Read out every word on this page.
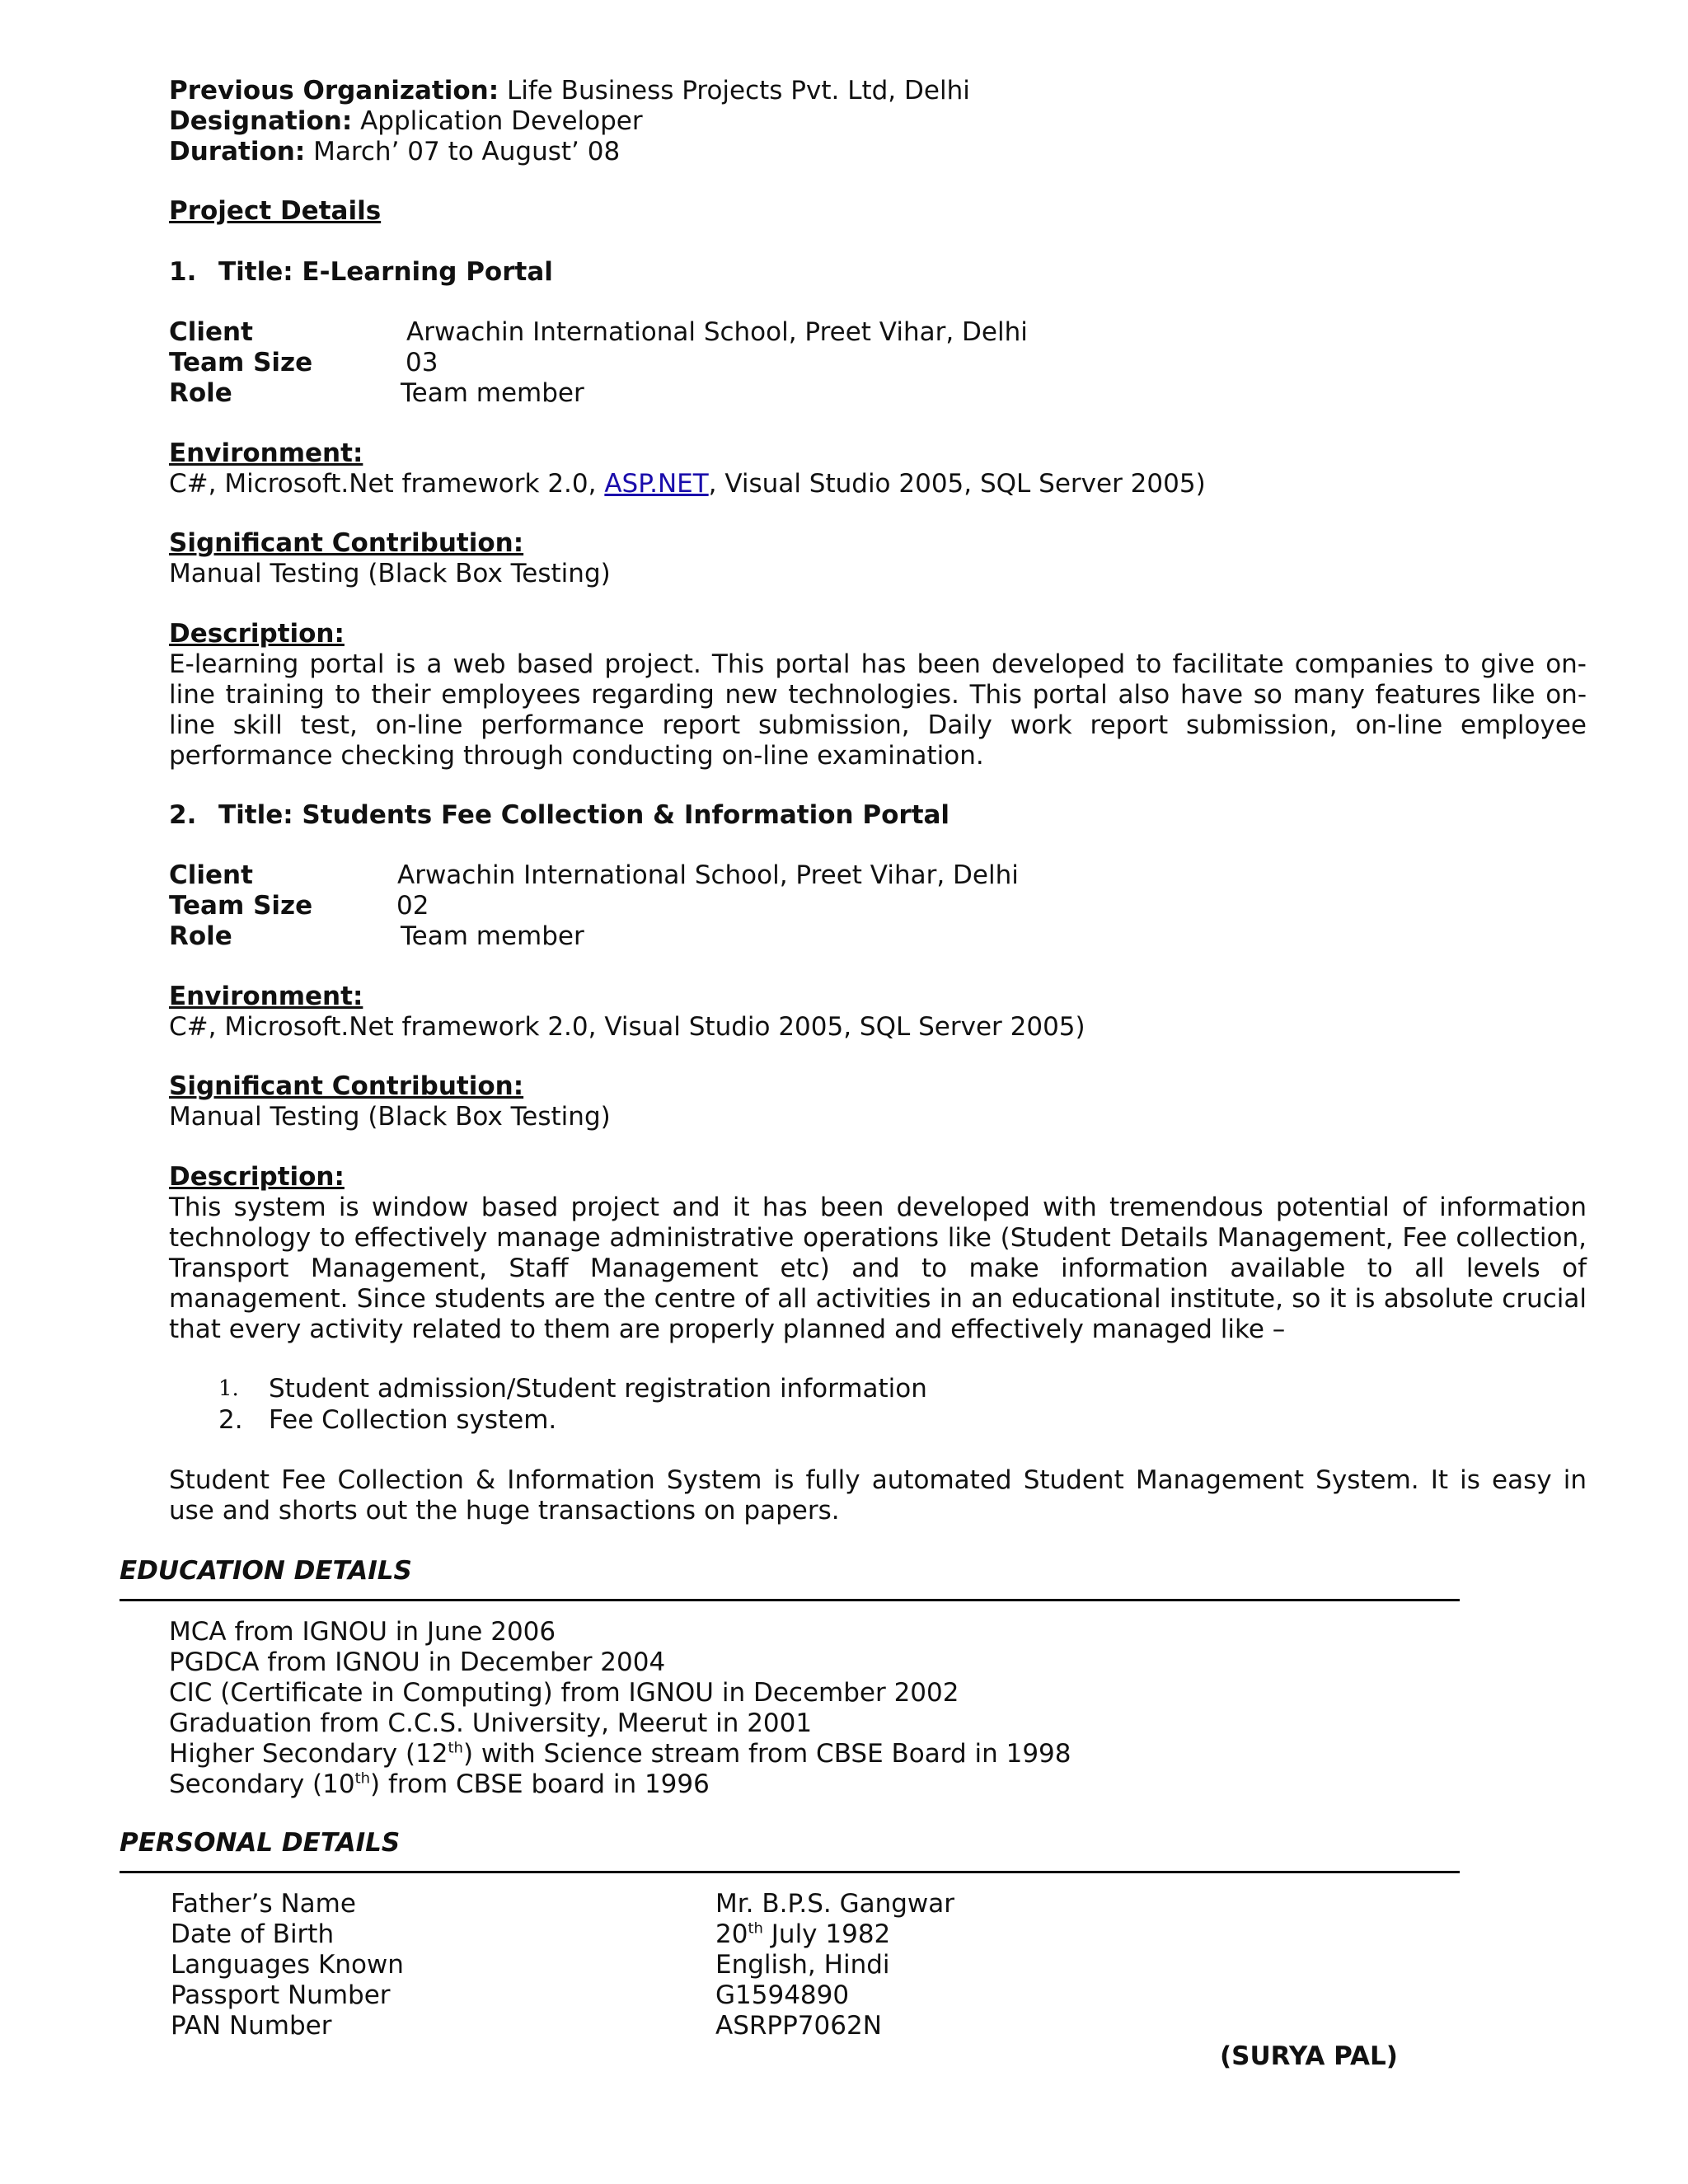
Previous Organization: Life Business Projects Pvt. Ltd, Delhi
Designation: Application Developer
Duration: March’ 07 to August’ 08
Project Details
1. Title: E-Learning Portal
Client	Arwachin International School, Preet Vihar, Delhi
Team Size	03
Role	Team member
Environment:
C#, Microsoft.Net framework 2.0, ASP.NET, Visual Studio 2005, SQL Server 2005)
Significant Contribution:
Manual Testing (Black Box Testing)
Description:
E-learning portal is a web based project. This portal has been developed to facilitate companies to give on-line training to their employees regarding new technologies. This portal also have so many features like on-line skill test, on-line performance report submission, Daily work report submission, on-line employee performance checking through conducting on-line examination.
2. Title: Students Fee Collection & Information Portal
Client	Arwachin International School, Preet Vihar, Delhi
Team Size	02
Role	Team member
Environment:
C#, Microsoft.Net framework 2.0, Visual Studio 2005, SQL Server 2005)
Significant Contribution:
Manual Testing (Black Box Testing)
Description:
This system is window based project and it has been developed with tremendous potential of information technology to effectively manage administrative operations like (Student Details Management, Fee collection, Transport Management, Staff Management etc) and to make information available to all levels of management. Since students are the centre of all activities in an educational institute, so it is absolute crucial that every activity related to them are properly planned and effectively managed like –
1. Student admission/Student registration information
2. Fee Collection system.
Student Fee Collection & Information System is fully automated Student Management System. It is easy in use and shorts out the huge transactions on papers.
EDUCATION DETAILS
MCA from IGNOU in June 2006
PGDCA from IGNOU in December 2004
CIC (Certificate in Computing) from IGNOU in December 2002
Graduation from C.C.S. University, Meerut in 2001
Higher Secondary (12th) with Science stream from CBSE Board in 1998
Secondary (10th) from CBSE board in 1996
PERSONAL DETAILS
Father’s Name	Mr. B.P.S. Gangwar
Date of Birth	20th July 1982
Languages Known	English, Hindi
Passport Number	G1594890
PAN Number	ASRPP7062N
(SURYA PAL)
